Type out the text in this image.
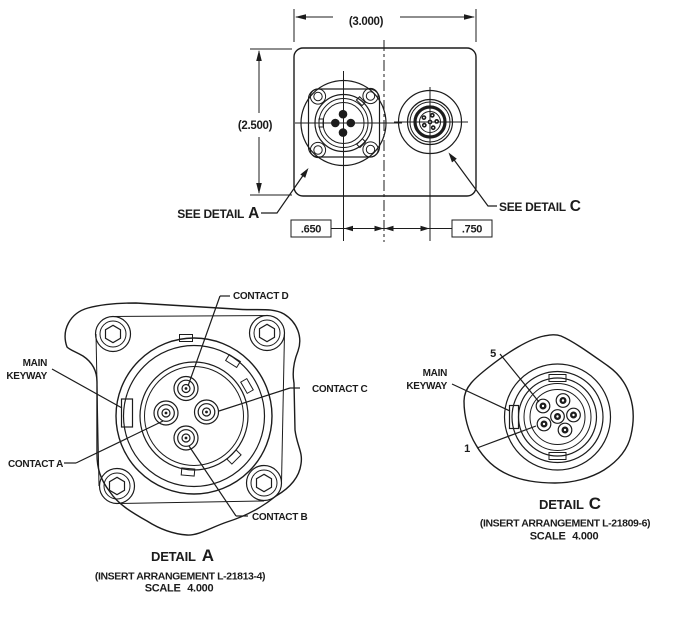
(3.000)
(2.500)
.650	.750
SEE DETAIL A	SEE DETAIL C
CONTACT D
MAIN
KEYWAY
CONTACT C
CONTACT A
CONTACT B
DETAIL A
(INSERT ARRANGEMENT L-21813-4)
SCALE 4.000
5
1
MAIN
KEYWAY
DETAIL C
(INSERT ARRANGEMENT L-21809-6)
SCALE 4.000
